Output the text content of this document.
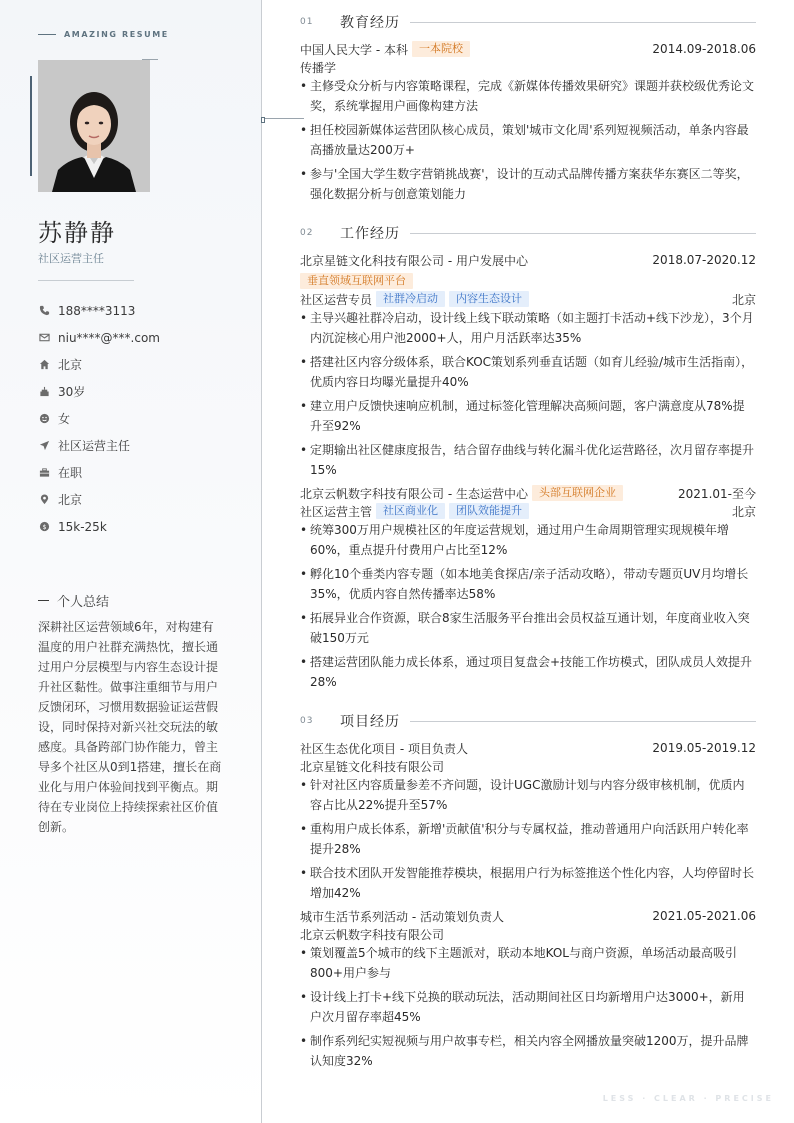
AMAZING RESUME
苏静静
社区运营主任
188****3113
niu****@***.com
北京
30岁
女
社区运营主任
在职
北京
$ 15k-25k
个人总结
深耕社区运营领域6年，对构建有温度的用户社群充满热忱，擅长通过用户分层模型与内容生态设计提升社区黏性。做事注重细节与用户反馈闭环，习惯用数据验证运营假设，同时保持对新兴社交玩法的敏感度。具备跨部门协作能力，曾主导多个社区从0到1搭建，擅长在商业化与用户体验间找到平衡点。期待在专业岗位上持续探索社区价值创新。
01	教育经历
中国人民大学 - 本科	一本院校	2014.09-2018.06
传播学
• 主修受众分析与内容策略课程，完成《新媒体传播效果研究》课题并获校级优秀论文奖，系统掌握用户画像构建方法
• 担任校园新媒体运营团队核心成员，策划'城市文化周'系列短视频活动，单条内容最高播放量达200万+
• 参与'全国大学生数字营销挑战赛'，设计的互动式品牌传播方案获华东赛区二等奖，强化数据分析与创意策划能力
02	工作经历
北京星链文化科技有限公司 - 用户发展中心	2018.07-2020.12
垂直领域互联网平台
社区运营专员	社群冷启动	内容生态设计	北京
• 主导兴趣社群冷启动，设计线上线下联动策略（如主题打卡活动+线下沙龙），3个月内沉淀核心用户池2000+人，用户月活跃率达35%
• 搭建社区内容分级体系，联合KOC策划系列垂直话题（如育儿经验/城市生活指南），优质内容日均曝光量提升40%
• 建立用户反馈快速响应机制，通过标签化管理解决高频问题，客户满意度从78%提升至92%
• 定期输出社区健康度报告，结合留存曲线与转化漏斗优化运营路径，次月留存率提升15%
北京云帆数字科技有限公司 - 生态运营中心	头部互联网企业	2021.01-至今
社区运营主管	社区商业化	团队效能提升	北京
• 统筹300万用户规模社区的年度运营规划，通过用户生命周期管理实现规模年增60%，重点提升付费用户占比至12%
• 孵化10个垂类内容专题（如本地美食探店/亲子活动攻略），带动专题页UV月均增长35%，优质内容自然传播率达58%
• 拓展异业合作资源，联合8家生活服务平台推出会员权益互通计划，年度商业收入突破150万元
• 搭建运营团队能力成长体系，通过项目复盘会+技能工作坊模式，团队成员人效提升28%
03	项目经历
社区生态优化项目 - 项目负责人	2019.05-2019.12
北京星链文化科技有限公司
• 针对社区内容质量参差不齐问题，设计UGC激励计划与内容分级审核机制，优质内容占比从22%提升至57%
• 重构用户成长体系，新增'贡献值'积分与专属权益，推动普通用户向活跃用户转化率提升28%
• 联合技术团队开发智能推荐模块，根据用户行为标签推送个性化内容，人均停留时长增加42%
城市生活节系列活动 - 活动策划负责人	2021.05-2021.06
北京云帆数字科技有限公司
• 策划覆盖5个城市的线下主题派对，联动本地KOL与商户资源，单场活动最高吸引800+用户参与
• 设计线上打卡+线下兑换的联动玩法，活动期间社区日均新增用户达3000+，新用户次月留存率超45%
• 制作系列纪实短视频与用户故事专栏，相关内容全网播放量突破1200万，提升品牌认知度32%
LESS · CLEAR · PRECISE
